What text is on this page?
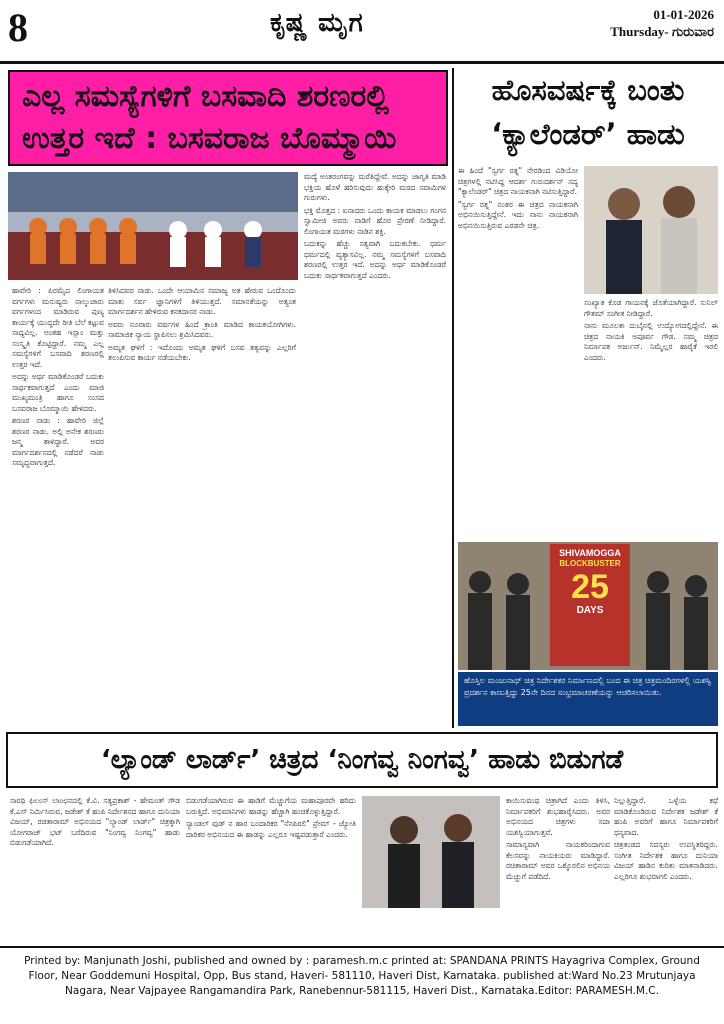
8	ಕೃಷ್ಣ ಮೃಗ	01-01-2026
Thursday- ಗುರುವಾರ
ಎಲ್ಲ ಸಮಸ್ಯೆಗಳಿಗೆ ಬಸವಾದಿ ಶರಣರಲ್ಲಿ ಉತ್ತರ ಇದೆ : ಬಸವರಾಜ ಬೊಮ್ಮಾಯಿ

ಹಾವೇರಿ : ಪಿರಮೈದ ಲಿಂಗಾಯತ ವರ್ಗಗಳು ಮನುಷ್ಯರು ನಾಲ್ಕುಜಾರು ವರ್ಗಗಳಂದ ಮಾಡಿರುವ ಪುಣ್ಯ ಕಾರ್ಯಕ್ಕೆ ಯುದ್ಧದೇ ರೀತಿ ಬೆಲೆ ಕಟ್ಟುವ ಸಾಧ್ಯವಿಲ್ಲ. ಅಂತಹ ಇಸ್ಲಾಂ ಮತ್ತು ಸಂಸ್ಕೃತಿ ಕೊಟ್ಟಿದ್ದಾರೆ. ನಮ್ಮ ಎಲ್ಲ ಸಮಸ್ಯೆಗಳಿಗೆ ಬಸವಾದಿ ಶರಣರಲ್ಲಿ ಉತ್ತರ ಇದೆ.

ಅದನ್ನು ಅರ್ಥ ಮಾಡಿಕೊಂಡರೆ ಬದುಕು ಸಾರ್ಥಕವಾಗುತ್ತದೆ ಎಂದು ಮಾಜಿ ಮುಖ್ಯಮಂತ್ರಿ ಹಾಗೂ ಸಂಸದ ಬಸವರಾಜ ಬೊಮ್ಮಾಯಿ ಹೇಳಿದರು.

ಶರಣರ ನಾಡು : ಹಾವೇರಿ ಜಿಲ್ಲೆ ಶರಣರ ನಾಡು. ಅಲ್ಲಿ ಅನೇಕ ಶರಣರು ಜನ್ಮ ತಾಳಿದ್ದಾರೆ. ಅವರ ಮಾರ್ಗದರ್ಶನದಲ್ಲಿ ನಡೆದರೆ ನಾಡು ಸಮೃದ್ಧವಾಗುತ್ತದೆ.

ತಿಳಿಸಿದವರ ನಾಡು. ಒಂದೇ ಆಯಾಮಿನ ಸಮಾಜ್ಯ ಅತ ಹೇರುವ ಒಂದೊಂದು ಮಾತು ಸರ್ವ ಜ್ಞಾನಿಗಳಿಗೆ ತಿಳಿಯುತ್ತದೆ. ಸಮಾನತೆಯನ್ನು ಅತ್ಯಂತ ಮಾರ್ಗದರ್ಶನ ಹೇಳಿರುವ ಕನಕದಾಸರ ನಾಡು.

ಅವರು ನೂರಾರು ವರ್ಷಗಳ ಹಿಂದೆ ಕ್ರಾಂತಿ ಮಾಡಿದ ಕಾಯಕಯೋಗಿಗಳು. ಸಾಮಾಜಿಕ ನ್ಯಾಯ ಸ್ಥಾಪಿಸಲು ಶ್ರಮಿಸಿದವರು.

ಅಮೃತ ಘಳಿಗೆ : ಇದೊಂದು ಅಮೃತ ಘಳಿಗೆ ಬಸವ ತತ್ವವನ್ನು ಎಲ್ಲರಿಗೆ ತಲುಪಿಸುವ ಕಾರ್ಯ ನಡೆಯಬೇಕು.

ಮದ್ಯೆ ಅಂತರಂಗವನ್ನು ಮರೆತಿದ್ದೇವೆ. ಅದನ್ನು ಜಾಗೃತಿ ಮಾಡಿ ಭಕ್ತಿಯ ಹೊಳೆ ಹರಿಸುವುದು ಹುಕ್ಕೇರಿ ಮಠದ ಸವಾಮಿಗಳ ಗುರುಗಳು.

ಭಕ್ತಿ ಮೊತ್ತದ : ಏನಾದರು ಒಂದು ಕಾಯಕ ಮಾಡಲು ಗಂಗನ ಸ್ವಾಮೀಜಿ ಅವರು ನಾಡಿಗೆ ಹೊರ ಪ್ರೇರಣೆ ನೀಡಿದ್ದಾರೆ. ಲಿಂಗಾಯತ ಮಠಗಳು ನಾಡಿನ ಶಕ್ತಿ.

ಬದುಕನ್ನು ಹೆಚ್ಚು ಸತ್ಯವಾಗಿ ಬದುಕಬೇಕು. ಧರ್ಮ ಧರ್ಮದಲ್ಲಿ ವ್ಯತ್ಯಾಸವಿಲ್ಲ. ನಮ್ಮ ಸಮಸ್ಯೆಗಳಿಗೆ ಬಸವಾದಿ ಶರಣರಲ್ಲಿ ಉತ್ತರ ಇದೆ. ಅದನ್ನು ಅರ್ಥ ಮಾಡಿಕೊಂಡರೆ ಬದುಕು ಸಾರ್ಥಕವಾಗುತ್ತದೆ ಎಂದರು.

ಹೊಸವರ್ಷಕ್ಕೆ ಬಂತು ‘ಕ್ಯಾಲೆಂಡರ್’ ಹಾಡು

ಈ ಹಿಂದೆ "ಸ್ವರ್ಗ ರತ್ನ" ನೇರಡಿಂದ ವಿಡಿಯೋ ಚಿತ್ರಗಳಲ್ಲಿ ನಟಿಸಿದ್ದ ಆದರ್ಶ ಗುರುದರ್ಶನ್ ಸದ್ಯ "ಕ್ಯಾಲೆಂಡರ್" ಚಿತ್ರದ ನಾಯಕನಾಗಿ ನಟಿಸುತ್ತಿದ್ದಾರೆ.

"ಸ್ವರ್ಗ ರತ್ನ" ನಂತರ ಈ ಚಿತ್ರದ ನಾಯಕನಾಗಿ ಅಭಿನಯಿಸುತ್ತಿದ್ದೇನೆ. ಇದು ನಾನು ನಾಯಕನಾಗಿ ಅಭಿನಯಿಸುತ್ತಿರುವ ಎರಡನೇ ಚಿತ್ರ.

ಸಂಖ್ಯಾತ ಕೊಡ ಗಾಯನಕ್ಕೆ ಜೊತೆಯಾಗಿದ್ದಾರೆ. ಸುನಿಲ್ ಗೌತಮ್ ಸಂಗೀತ ನೀಡಿದ್ದಾರೆ.

ನಾನು ಮೂಲತಃ ದುಬೈನಲ್ಲಿ ಉದ್ಯೋಗದಲ್ಲಿದ್ದೇನೆ. ಈ ಚಿತ್ರದ ನಾಯಕಿ ಅಪೂರ್ವ ಗೌಡ. ನಮ್ಮ ಚಿತ್ರದ ನಿರ್ಮಾಪಕ ಅರ್ಜುನ್. ನಿಮ್ಮೆಲ್ಲರ ಹಾರೈಕೆ ಇರಲಿ ಎಂದರು.

SHIVAMOGGA
BLOCKBUSTER
25
DAYS
ಹೊಸ್ತಿಲ ಮಂಜುನಾಥ್ ಚಿತ್ರ ನಿರ್ದೇಶಕರ ನಿರ್ಮಾಣದಲ್ಲಿ ಬಂದ ಈ ಚಿತ್ರ ಚಿತ್ರಮಂದಿರಗಳಲ್ಲಿ ಯಶಸ್ವಿ ಪ್ರದರ್ಶನ ಕಾಣುತ್ತಿದ್ದು 25ನೇ ದಿನದ ಸಂಭ್ರಮಾಚರಣೆಯನ್ನು ಆಚರಿಸಲಾಯಿತು.
‘ಲ್ಯಾಂಡ್ ಲಾರ್ಡ್’ ಚಿತ್ರದ ‘ನಿಂಗವ್ವ ನಿಂಗವ್ವ’ ಹಾಡು ಬಿಡುಗಡೆ

ಸಾರಥಿ ಫಿಲಂಸ್ ಲಾಂಛನದಲ್ಲಿ ಕೆ.ವಿ. ಸತ್ಯಪ್ರಕಾಶ್ - ಹೇಮಂತ್ ಗೌಡ ಕೆ.ಎಸ್ ನಿರ್ಮಿಸಿರುವ, ಜಡೇಶ್ ಕೆ ಹಂಪಿ ನಿರ್ದೇಶನದ ಹಾಗೂ ದುನಿಯಾ ವಿಜಯ್, ರಚಿತಾರಾಮ್ ಅಭಿನಯದ "ಲ್ಯಾಂಡ್ ಲಾರ್ಡ್" ಚಿತ್ರಕ್ಕಾಗಿ ಯೋಗರಾಜ್ ಭಟ್ ಬರೆದಿರುವ "ನಿಂಗವ್ವ ನಿಂಗವ್ವ" ಹಾಡು ಬಿಡುಗಡೆಯಾಗಿದೆ.

ಬಿಡುಗಡೆಯಾಗಿರುವ ಈ ಹಾಡಿಗೆ ಮೆಚ್ಚುಗೆಯ ಮಹಾಪೂರವೇ ಹರಿದು ಬರುತ್ತಿದೆ. ಅಭಿಮಾನಿಗಳು ಹಾಡನ್ನು ಹೆಚ್ಚಾಗಿ ಹಂಚಿಕೊಳ್ಳುತ್ತಿದ್ದಾರೆ.

ಸ್ಯಾಂಡಲ್ ವುಡ್ ನ ಹಾರ ಬಂದಾರಿಕರ "ನೆನಪಿರಲಿ" ಪ್ರೇಮ್ - ಜ್ಯೋತಿ ದಾರಿಕರ ಅಭಿನಯದ ಈ ಹಾಡನ್ನು ಎಲ್ಲರೂ ಇಷ್ಟಪಡುತ್ತಾರೆ ಎಂದರು.

ಕಾಯಿಸುವಂಥ ಚಿತ್ರಾಗಿದೆ ಎಂದು ತಿಳಿಸಿ, ನಿರ್ಮಾಪಕರಿಗೆ ಶುಭಹಾರೈಸಿದರು. ಅವರ ಅಭಿನಯದ ಚಿತ್ರಗಳು ಸದಾ ಯಶಸ್ವಿಯಾಗುತ್ತವೆ.

ಸಾಮಾನ್ಯವಾಗಿ ನಾಯಕರಿಂದಾಗುವ ಕೆಲಸವನ್ನು ನಾಯಕಿಯರು ಮಾಡಿದ್ದಾರೆ. ರಚಿತಾರಾಮ್ ಅವರ ಒಕ್ಕೊರಲಿನ ಅಭಿನಯ ಮೆಚ್ಚುಗೆ ಪಡೆದಿದೆ.

ನಿಲ್ಲುತ್ತಿದ್ದಾರೆ. ಒಳ್ಳೆಯ ಕಥೆ ಮಾಡಿಕೊಂಡಿರುವ ನಿರ್ದೇಶಕ ಜಡೇಶ್ ಕೆ ಹಂಪಿ ಅವರಿಗೆ ಹಾಗೂ ನಿರ್ಮಾಪಕರಿಗೆ ಧನ್ಯವಾದ.

ಚಿತ್ರತಂಡದ ಸದಸ್ಯರು ಉಪಸ್ಥಿತರಿದ್ದರು. ಸಂಗೀತ ನಿರ್ದೇಶಕ ಹಾಗೂ ದುನಿಯಾ ವಿಜಯ್ ಹಾಡಿನ ಕುರಿತು ಮಾತನಾಡಿದರು. ಎಲ್ಲರಿಗೂ ಶುಭವಾಗಲಿ ಎಂದರು.

Printed by: Manjunath Joshi, published and owned by : paramesh.m.c printed at: SPANDANA PRINTS Hayagriva Complex, Ground Floor, Near Goddemuni Hospital, Opp, Bus stand, Haveri- 581110, Haveri Dist, Karnataka. published at:Ward No.23 Mrutunjaya Nagara, Near Vajpayee Rangamandira Park, Ranebennur-581115, Haveri Dist., Karnataka.Editor: PARAMESH.M.C.
